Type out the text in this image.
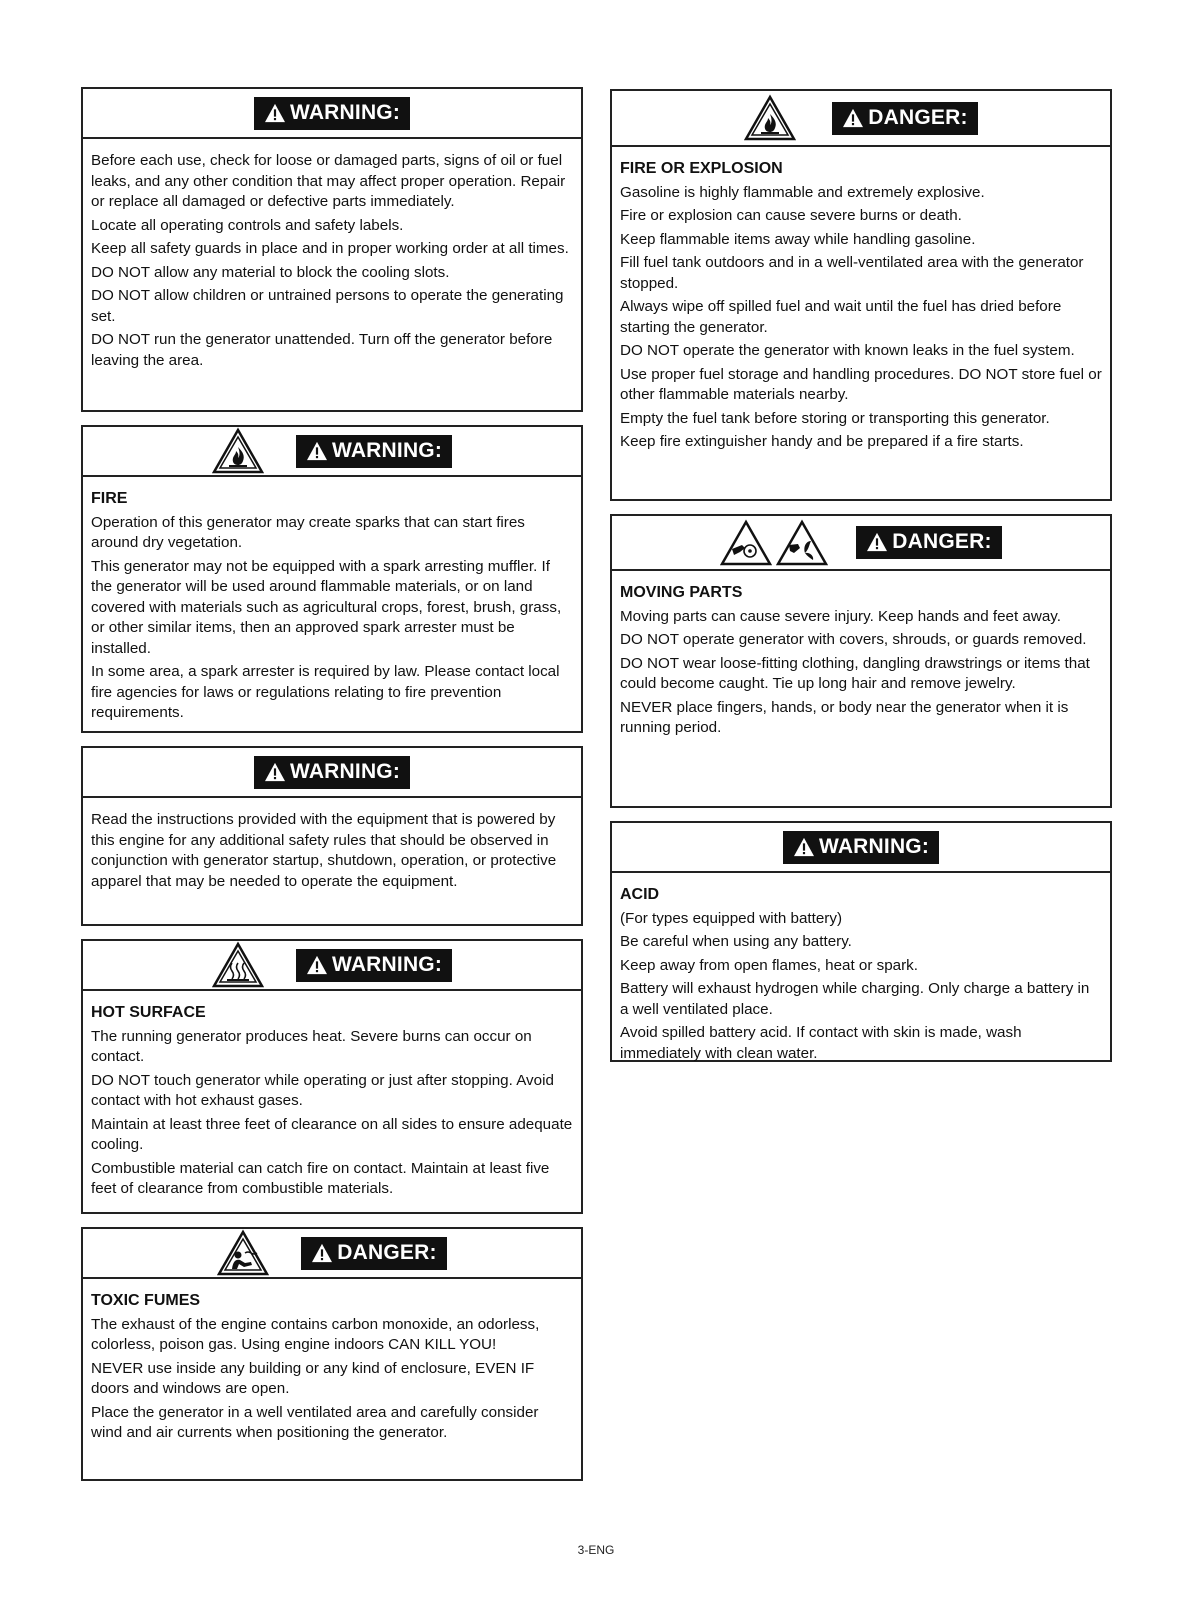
WARNING:

Before each use, check for loose or damaged parts, signs of oil or fuel leaks, and any other condition that may affect proper operation. Repair or replace all damaged or defective parts immediately.

Locate all operating controls and safety labels.

Keep all safety guards in place and in proper working order at all times.

DO NOT allow any material to block the cooling slots.

DO NOT allow children or untrained persons to operate the generating set.

DO NOT run the generator unattended. Turn off the generator before leaving the area.

WARNING:

FIRE

Operation of this generator may create sparks that can start fires around dry vegetation.

This generator may not be equipped with a spark arresting muffler. If the generator will be used around flammable materials, or on land covered with materials such as agricultural crops, forest, brush, grass, or other similar items, then an approved spark arrester must be installed.

In some area, a spark arrester is required by law. Please contact local fire agencies for laws or regulations relating to fire prevention requirements.

WARNING:

Read the instructions provided with the equipment that is powered by this engine for any additional safety rules that should be observed in conjunction with generator startup, shutdown, operation, or protective apparel that may be needed to operate the equipment.

WARNING:

HOT SURFACE

The running generator produces heat. Severe burns can occur on contact.

DO NOT touch generator while operating or just after stopping. Avoid contact with hot exhaust gases.

Maintain at least three feet of clearance on all sides to ensure adequate cooling.

Combustible material can catch fire on contact. Maintain at least five feet of clearance from combustible materials.

DANGER:

TOXIC FUMES

The exhaust of the engine contains carbon monoxide, an odorless, colorless, poison gas. Using engine indoors CAN KILL YOU!

NEVER use inside any building or any kind of enclosure, EVEN IF doors and windows are open.

Place the generator in a well ventilated area and carefully consider wind and air currents when positioning the generator.

DANGER:

FIRE OR EXPLOSION

Gasoline is highly flammable and extremely explosive.

Fire or explosion can cause severe burns or death.

Keep flammable items away while handling gasoline.

Fill fuel tank outdoors and in a well-ventilated area with the generator stopped.

Always wipe off spilled fuel and wait until the fuel has dried before starting the generator.

DO NOT operate the generator with known leaks in the fuel system.

Use proper fuel storage and handling procedures. DO NOT store fuel or other flammable materials nearby.

Empty the fuel tank before storing or transporting this generator.

Keep fire extinguisher handy and be prepared if a fire starts.

DANGER:

MOVING PARTS

Moving parts can cause severe injury. Keep hands and feet away.

DO NOT operate generator with covers, shrouds, or guards removed.

DO NOT wear loose-fitting clothing, dangling drawstrings or items that could become caught. Tie up long hair and remove jewelry.

NEVER place fingers, hands, or body near the generator when it is running period.

WARNING:

ACID

(For types equipped with battery)

Be careful when using any battery.

Keep away from open flames, heat or spark.

Battery will exhaust hydrogen while charging. Only charge a battery in a well ventilated place.

Avoid spilled battery acid. If contact with skin is made, wash immediately with clean water.

3-ENG
